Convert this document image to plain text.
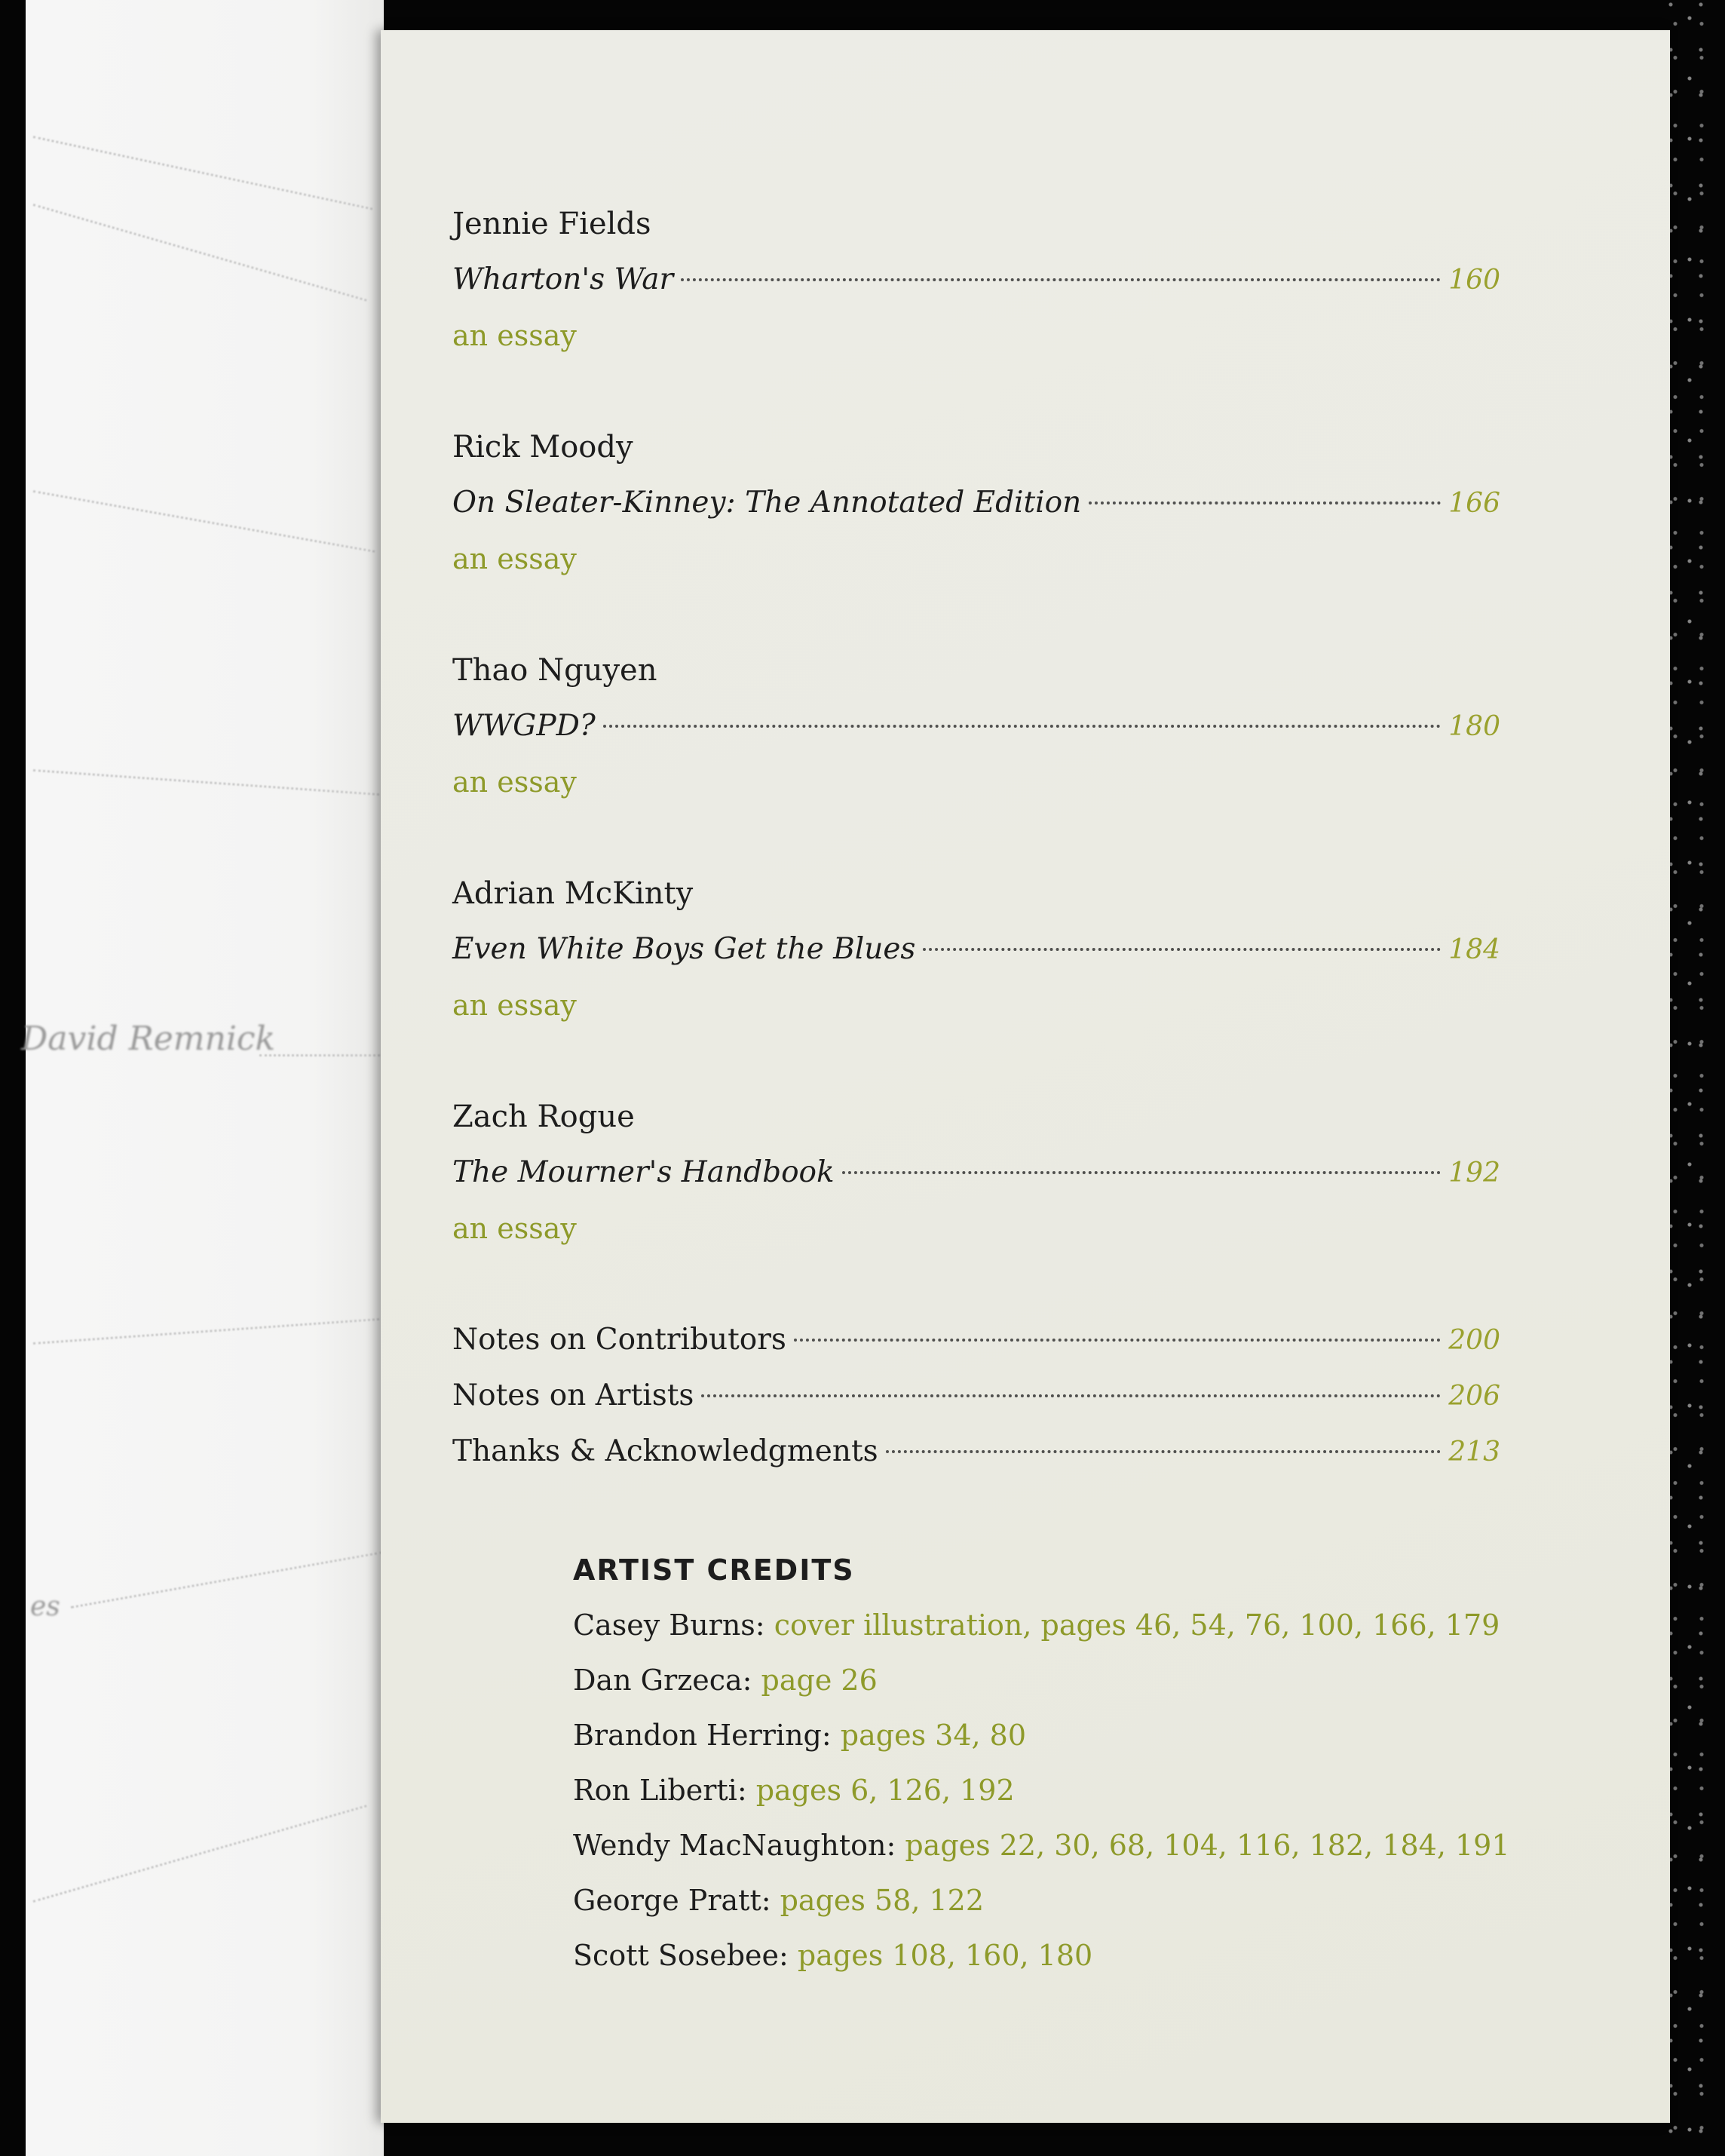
David Remnick
es
Jennie Fields
Wharton's War	160
an essay
Rick Moody
On Sleater-Kinney: The Annotated Edition	166
an essay
Thao Nguyen
WWGPD?	180
an essay
Adrian McKinty
Even White Boys Get the Blues	184
an essay
Zach Rogue
The Mourner's Handbook	192
an essay
Notes on Contributors	200
Notes on Artists	206
Thanks & Acknowledgments	213
ARTIST CREDITS
Casey Burns: cover illustration, pages 46, 54, 76, 100, 166, 179
Dan Grzeca: page 26
Brandon Herring: pages 34, 80
Ron Liberti: pages 6, 126, 192
Wendy MacNaughton: pages 22, 30, 68, 104, 116, 182, 184, 191
George Pratt: pages 58, 122
Scott Sosebee: pages 108, 160, 180
